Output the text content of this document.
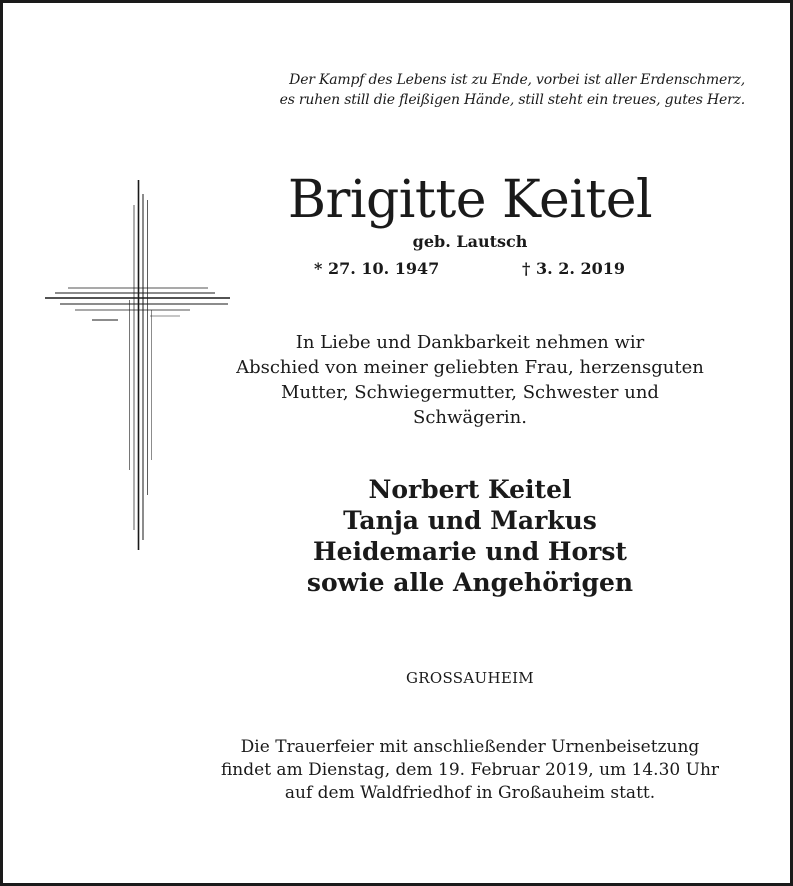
Der Kampf des Lebens ist zu Ende, vorbei ist aller Erdenschmerz,
es ruhen still die fleißigen Hände, still steht ein treues, gutes Herz.
Brigitte Keitel
geb. Lautsch
* 27. 10. 1947	† 3. 2. 2019
In Liebe und Dankbarkeit nehmen wir
Abschied von meiner geliebten Frau, herzensguten
Mutter, Schwiegermutter, Schwester und
Schwägerin.
Norbert Keitel
Tanja und Markus
Heidemarie und Horst
sowie alle Angehörigen
GROSSAUHEIM
Die Trauerfeier mit anschließender Urnenbeisetzung
findet am Dienstag, dem 19. Februar 2019, um 14.30 Uhr
auf dem Waldfriedhof in Großauheim statt.
